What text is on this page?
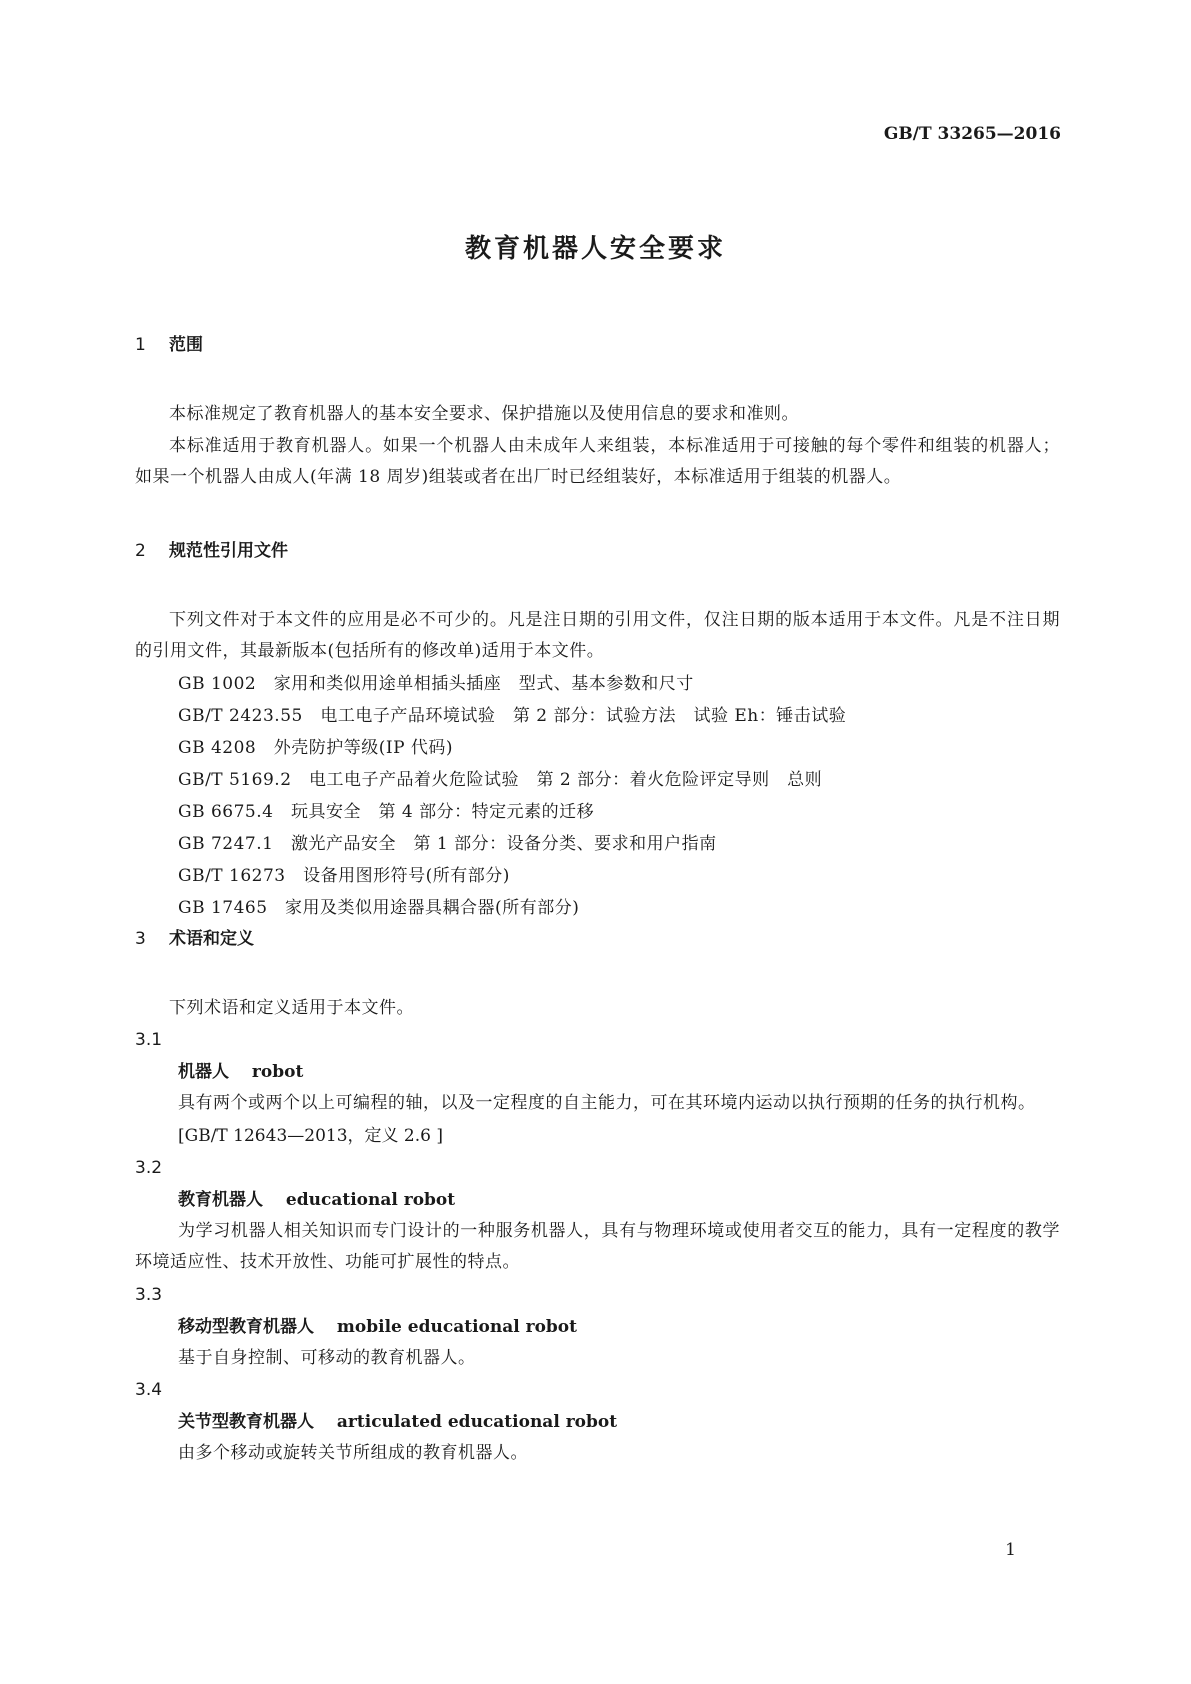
GB/T 33265—2016
教育机器人安全要求
1 范围

本标准规定了教育机器人的基本安全要求、保护措施以及使用信息的要求和准则。

本标准适用于教育机器人。如果一个机器人由未成年人来组装，本标准适用于可接触的每个零件和组装的机器人；如果一个机器人由成人(年满 18 周岁)组装或者在出厂时已经组装好，本标准适用于组装的机器人。

2 规范性引用文件

下列文件对于本文件的应用是必不可少的。凡是注日期的引用文件，仅注日期的版本适用于本文件。凡是不注日期的引用文件，其最新版本(包括所有的修改单)适用于本文件。

GB 1002　家用和类似用途单相插头插座　型式、基本参数和尺寸

GB/T 2423.55　电工电子产品环境试验　第 2 部分：试验方法　试验 Eh：锤击试验

GB 4208　外壳防护等级(IP 代码)

GB/T 5169.2　电工电子产品着火危险试验　第 2 部分：着火危险评定导则　总则

GB 6675.4　玩具安全　第 4 部分：特定元素的迁移

GB 7247.1　激光产品安全　第 1 部分：设备分类、要求和用户指南

GB/T 16273　设备用图形符号(所有部分)

GB 17465　家用及类似用途器具耦合器(所有部分)

3 术语和定义

下列术语和定义适用于本文件。

3.1

机器人　 robot

具有两个或两个以上可编程的轴，以及一定程度的自主能力，可在其环境内运动以执行预期的任务的执行机构。

[GB/T 12643—2013，定义 2.6 ]

3.2

教育机器人　 educational robot

为学习机器人相关知识而专门设计的一种服务机器人，具有与物理环境或使用者交互的能力，具有一定程度的教学环境适应性、技术开放性、功能可扩展性的特点。

3.3

移动型教育机器人　 mobile educational robot

基于自身控制、可移动的教育机器人。

3.4

关节型教育机器人　 articulated educational robot

由多个移动或旋转关节所组成的教育机器人。

1
